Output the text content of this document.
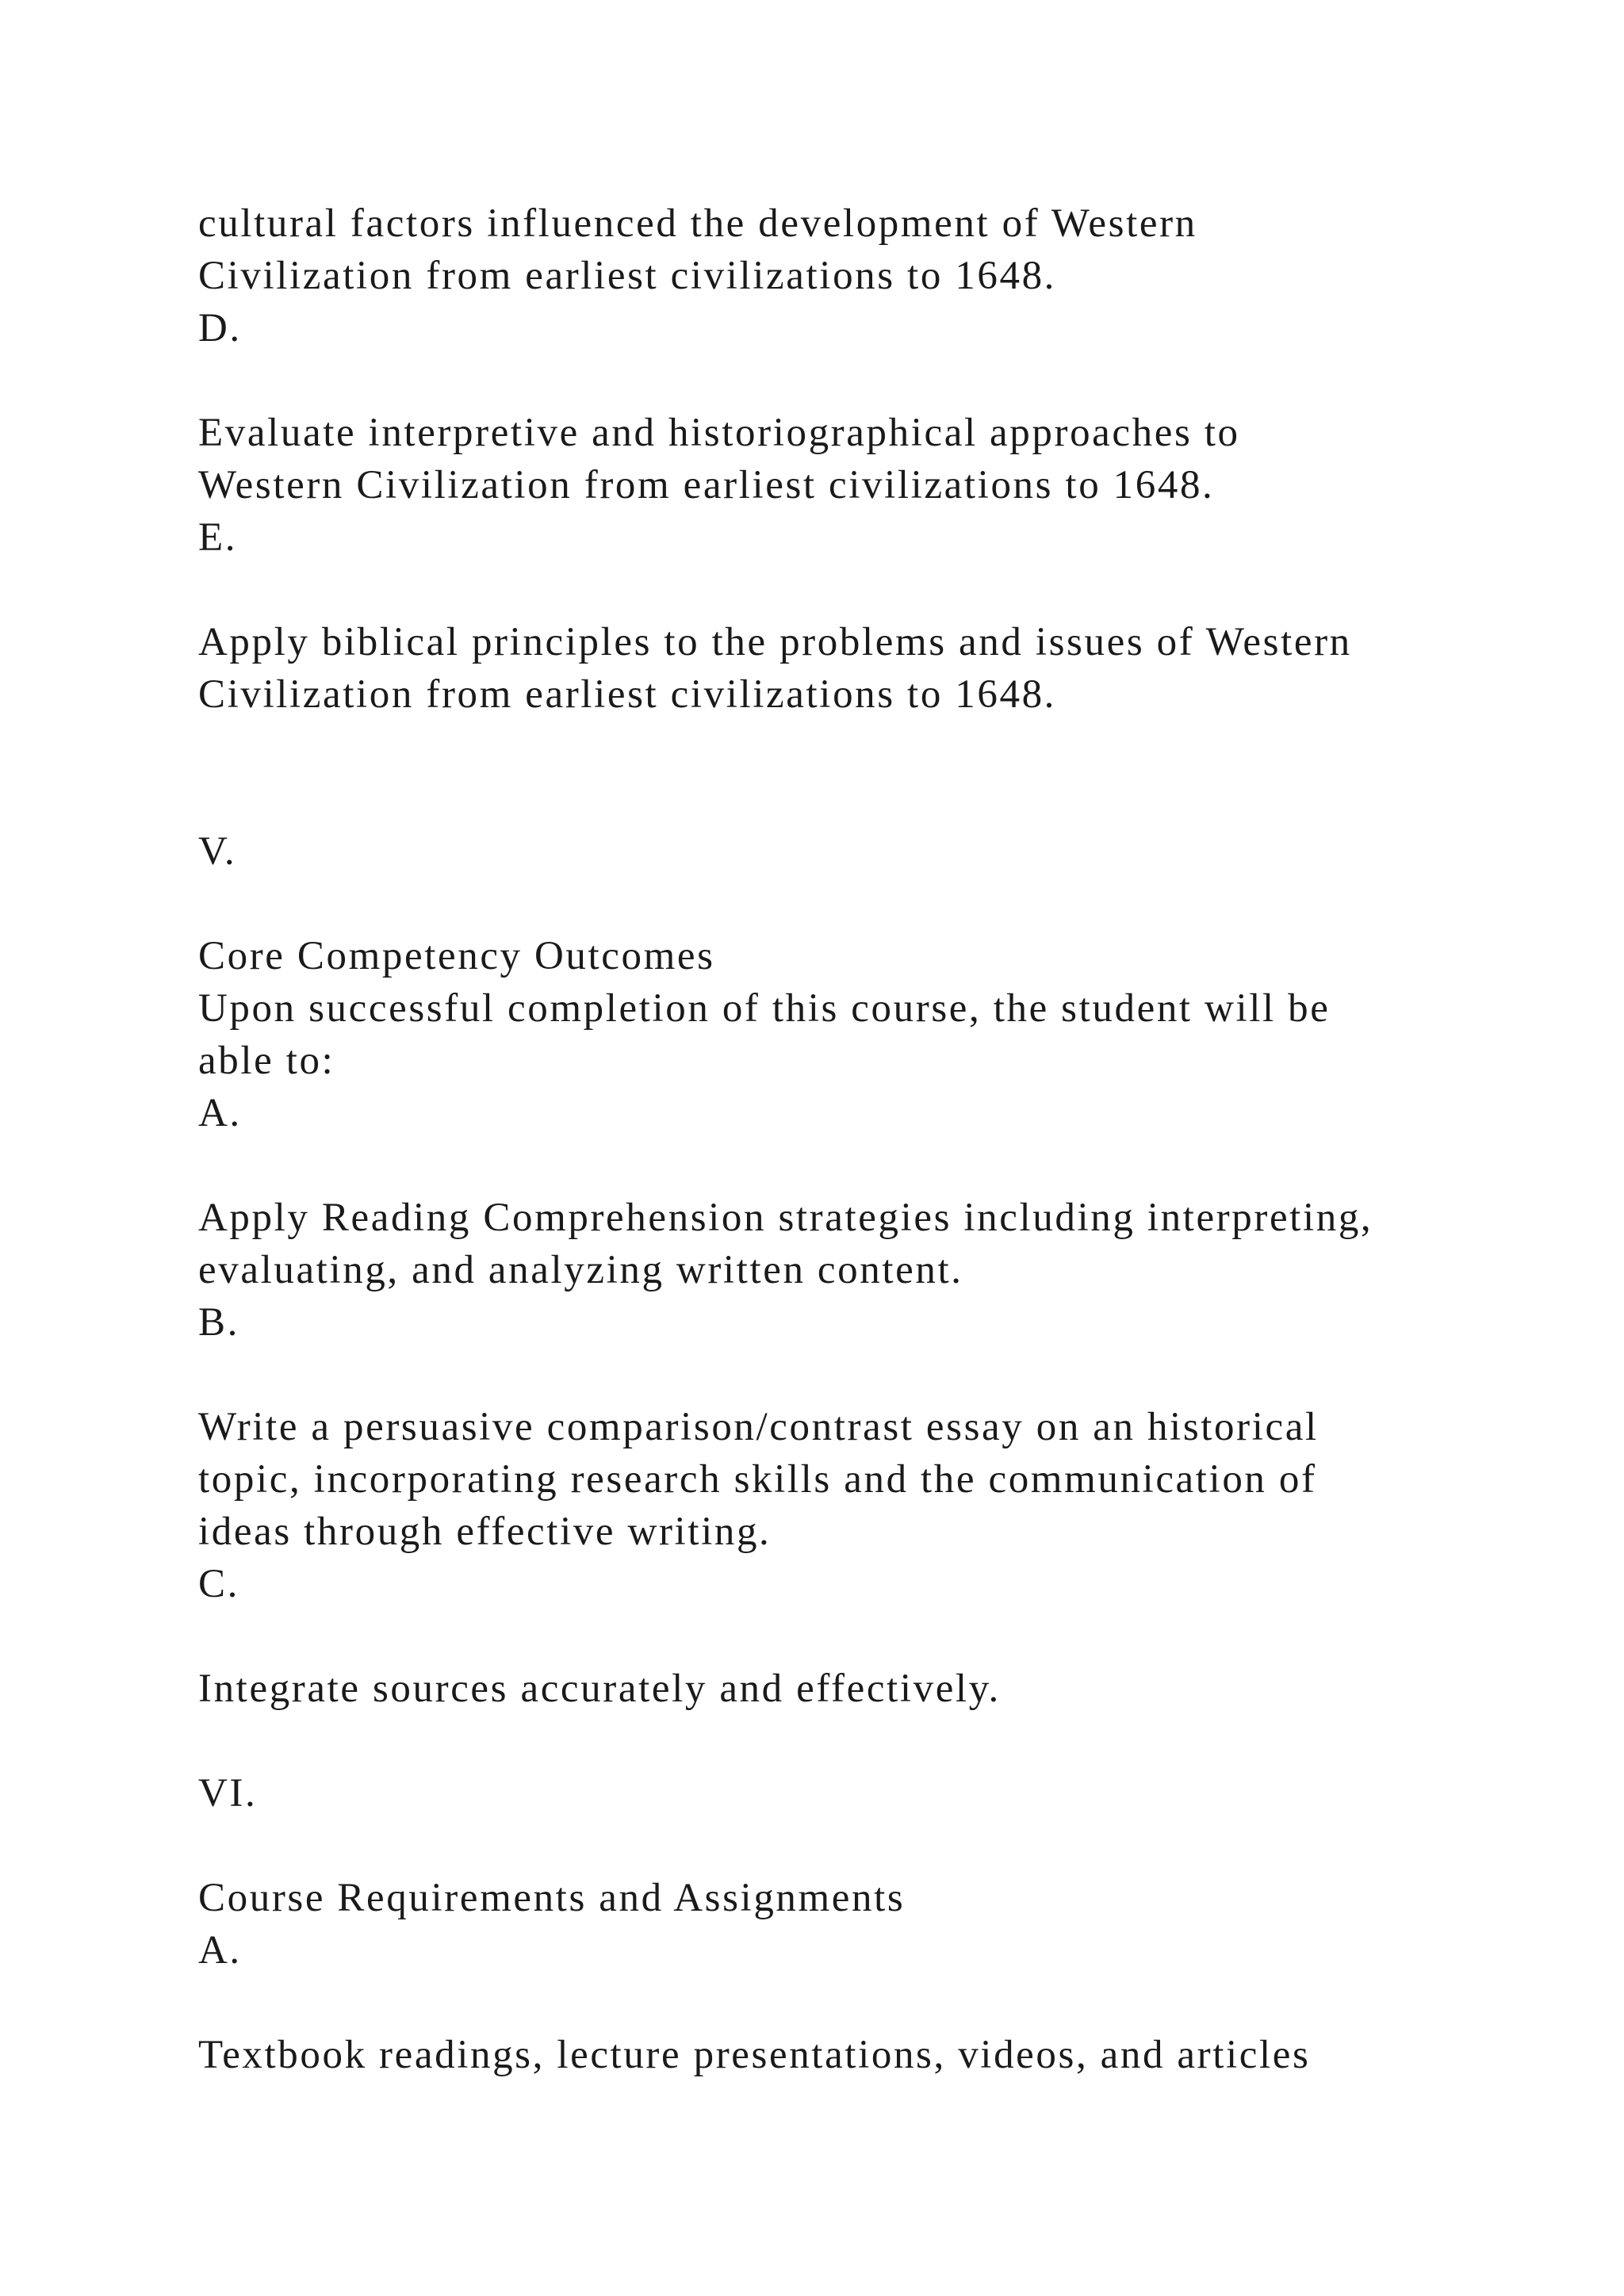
cultural factors influenced the development of Western

Civilization from earliest civilizations to 1648.

D.

Evaluate interpretive and historiographical approaches to

Western Civilization from earliest civilizations to 1648.

E.

Apply biblical principles to the problems and issues of Western

Civilization from earliest civilizations to 1648.

V.

Core Competency Outcomes

Upon successful completion of this course, the student will be

able to:

A.

Apply Reading Comprehension strategies including interpreting,

evaluating, and analyzing written content.

B.

Write a persuasive comparison/contrast essay on an historical

topic, incorporating research skills and the communication of

ideas through effective writing.

C.

Integrate sources accurately and effectively.

VI.

Course Requirements and Assignments

A.

Textbook readings, lecture presentations, videos, and articles
